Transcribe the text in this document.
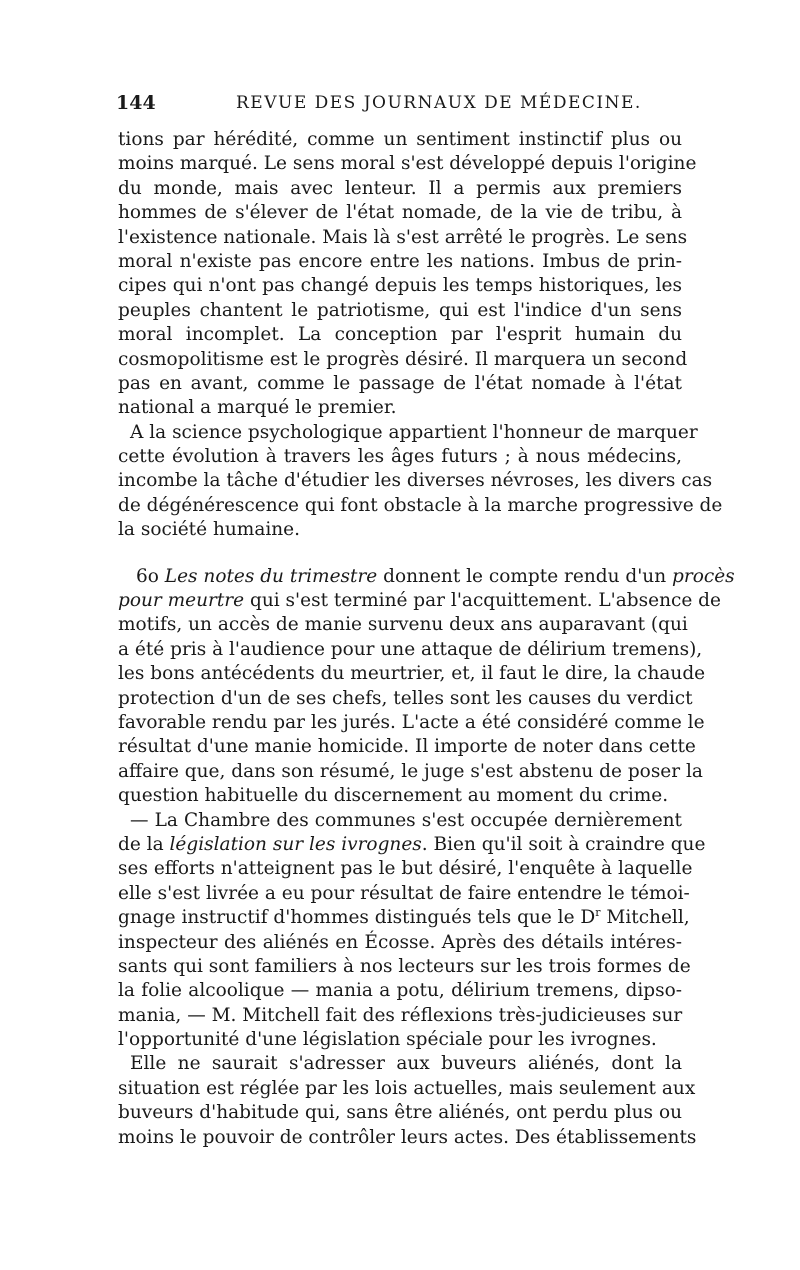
144	REVUE DES JOURNAUX DE MÉDECINE.
tions par hérédité, comme un sentiment instinctif plus ou
moins marqué. Le sens moral s'est développé depuis l'origine
du monde, mais avec lenteur. Il a permis aux premiers
hommes de s'élever de l'état nomade, de la vie de tribu, à
l'existence nationale. Mais là s'est arrêté le progrès. Le sens
moral n'existe pas encore entre les nations. Imbus de prin-
cipes qui n'ont pas changé depuis les temps historiques, les
peuples chantent le patriotisme, qui est l'indice d'un sens
moral incomplet. La conception par l'esprit humain du
cosmopolitisme est le progrès désiré. Il marquera un second
pas en avant, comme le passage de l'état nomade à l'état
national a marqué le premier.
A la science psychologique appartient l'honneur de marquer
cette évolution à travers les âges futurs ; à nous médecins,
incombe la tâche d'étudier les diverses névroses, les divers cas
de dégénérescence qui font obstacle à la marche progressive de
la société humaine.
6o Les notes du trimestre donnent le compte rendu d'un procès
pour meurtre qui s'est terminé par l'acquittement. L'absence de
motifs, un accès de manie survenu deux ans auparavant (qui
a été pris à l'audience pour une attaque de délirium tremens),
les bons antécédents du meurtrier, et, il faut le dire, la chaude
protection d'un de ses chefs, telles sont les causes du verdict
favorable rendu par les jurés. L'acte a été considéré comme le
résultat d'une manie homicide. Il importe de noter dans cette
affaire que, dans son résumé, le juge s'est abstenu de poser la
question habituelle du discernement au moment du crime.
— La Chambre des communes s'est occupée dernièrement
de la législation sur les ivrognes. Bien qu'il soit à craindre que
ses efforts n'atteignent pas le but désiré, l'enquête à laquelle
elle s'est livrée a eu pour résultat de faire entendre le témoi-
gnage instructif d'hommes distingués tels que le $D^r$ Mitchell,
inspecteur des aliénés en Écosse. Après des détails intéres-
sants qui sont familiers à nos lecteurs sur les trois formes de
la folie alcoolique — mania a potu, délirium tremens, dipso-
mania, — M. Mitchell fait des réflexions très-judicieuses sur
l'opportunité d'une législation spéciale pour les ivrognes.
Elle ne saurait s'adresser aux buveurs aliénés, dont la
situation est réglée par les lois actuelles, mais seulement aux
buveurs d'habitude qui, sans être aliénés, ont perdu plus ou
moins le pouvoir de contrôler leurs actes. Des établissements
